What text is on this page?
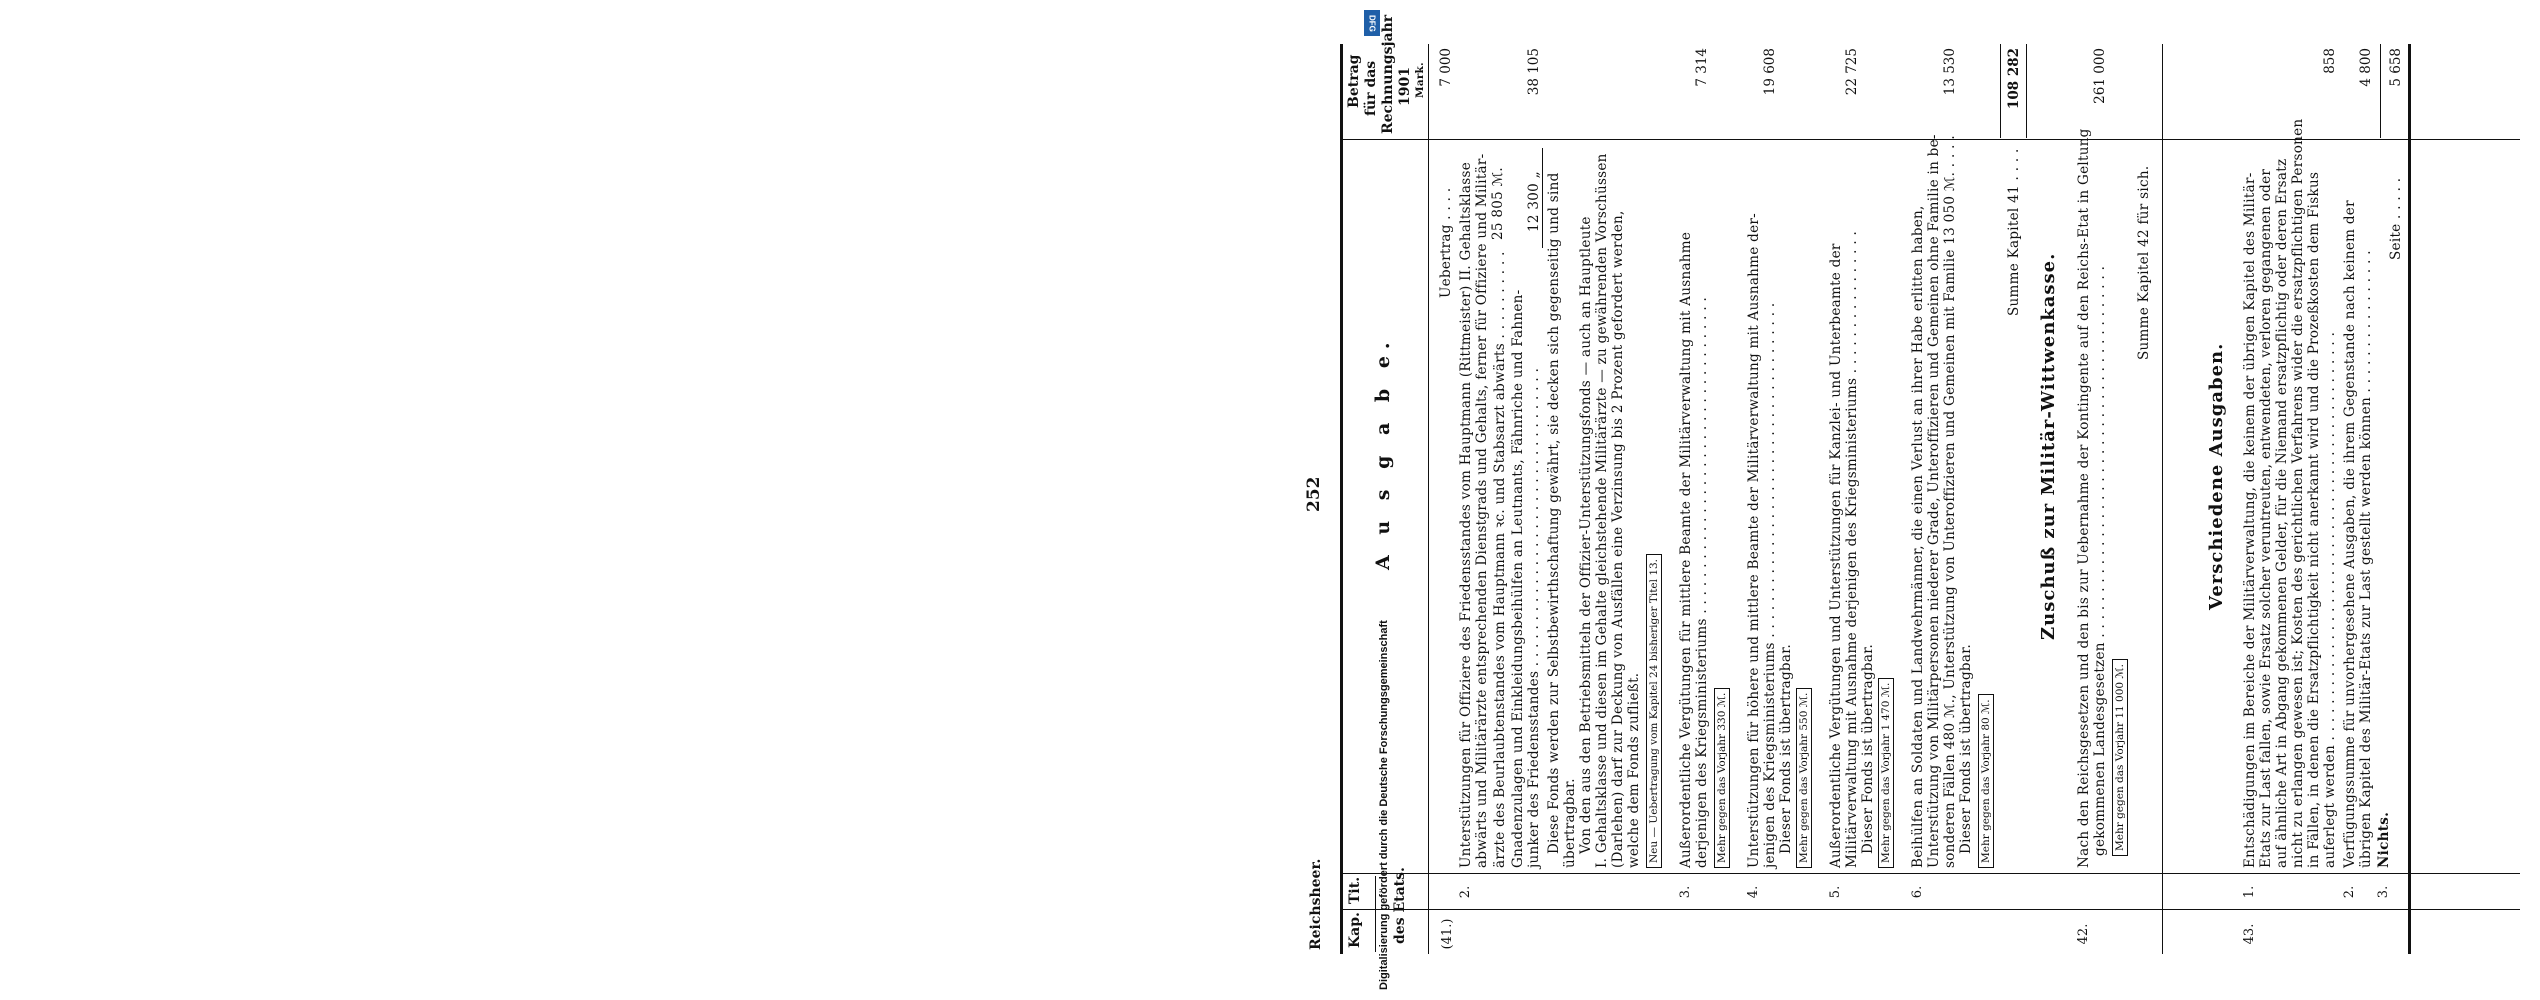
Reichsheer.
252
Kap.
Tit. des Etats.
A u s g a b e.
Betrag für das Rechnungsjahr 1901 Mark.
(41.)
Uebertrag . . . .
7 000
2.
Unterstützungen für Offiziere des Friedensstandes vom Hauptmann (Rittmeister) II. Gehaltsklasse abwärts und Militärärzte entsprechenden Dienstgrads und Gehalts, ferner für Offiziere und Militär- ärzte des Beurlaubtenstandes vom Hauptmann ꝛc. und Stabsarzt abwärts . . . . . . . . . .
25 805 ℳ.
Gnadenzulagen und Einkleidungsbeihülfen an Leutnants, Fähnriche und Fahnen- junker des Friedensstandes . . . . . . . . . . . . . . . . . . . . . . . . . . . . . . . . .
12 300 „
38 105
Diese Fonds werden zur Selbstbewirthschaftung gewährt, sie decken sich gegenseitig und sind übertragbar. Von den aus den Betriebsmitteln der Offizier-Unterstützungsfonds — auch an Hauptleute I. Gehaltsklasse und diesen im Gehalte gleichstehende Militärärzte — zu gewährenden Vorschüssen (Darlehen) darf zur Deckung von Ausfällen eine Verzinsung bis 2 Prozent gefordert werden, welche dem Fonds zufließt. Neu — Uebertragung vom Kapitel 24 bisheriger Titel 13.
3.
Außerordentliche Vergütungen für mittlere Beamte der Militärverwaltung mit Ausnahme derjenigen des Kriegsministeriums . . . . . . . . . . . . . . . . . . . . . . . . . . . . . . . . . . .
7 314
Mehr gegen das Vorjahr 330 ℳ.
4.
Unterstützungen für höhere und mittlere Beamte der Militärverwaltung mit Ausnahme der- jenigen des Kriegsministeriums . . . . . . . . . . . . . . . . . . . . . . . . . . . . . . . . . . . . .
19 608
Dieser Fonds ist übertragbar. Mehr gegen das Vorjahr 550 ℳ.
5.
Außerordentliche Vergütungen und Unterstützungen für Kanzlei- und Unterbeamte der Militärverwaltung mit Ausnahme derjenigen des Kriegsministeriums . . . . . . . . . . . . . . . .
22 725
Dieser Fonds ist übertragbar. Mehr gegen das Vorjahr 1 470 ℳ.
6.
Beihülfen an Soldaten und Landwehrmänner, die einen Verlust an ihrer Habe erlitten haben, Unterstützung von Militärpersonen niederer Grade, Unteroffizieren und Gemeinen ohne Familie in be- sonderen Fällen 480 ℳ., Unterstützung von Unteroffizieren und Gemeinen mit Familie 13 050 ℳ. . . . .
13 530
Dieser Fonds ist übertragbar. Mehr gegen das Vorjahr 80 ℳ.
Summe Kapitel 41 . . . .
108 282
42.
Zuschuß zur Militär-Wittwenkasse. Nach den Reichsgesetzen und den bis zur Uebernahme der Kontingente auf den Reichs-Etat in Geltung gekommenen Landesgesetzen . . . . . . . . . . . . . . . . . . . . . . . . . . . . . . . . . . . . . . . . .
261 000
Mehr gegen das Vorjahr 11 000 ℳ.
Summe Kapitel 42 für sich.
43.
Verschiedene Ausgaben.
1.
Entschädigungen im Bereiche der Militärverwaltung, die keinem der übrigen Kapitel des Militär- Etats zur Last fallen, sowie Ersatz solcher veruntreuten, entwendeten, verloren gegangenen oder auf ähnliche Art in Abgang gekommenen Gelder, für die Niemand ersatzpflichtig oder deren Ersatz nicht zu erlangen gewesen ist; Kosten des gerichtlichen Verfahrens wider die ersatzpflichtigen Personen in Fällen, in denen die Ersatzpflichtigkeit nicht anerkannt wird und die Prozeßkosten dem Fiskus auferlegt werden . . . . . . . . . . . . . . . . . . . . . . . . . . . . . . . . . . . . . . . . . . . . .
858
2.
Verfügungssumme für unvorhergesehene Ausgaben, die ihrem Gegenstande nach keinem der übrigen Kapitel des Militär-Etats zur Last gestellt werden können . . . . . . . . . . . . . . . .
4 800
3.
Nichts.
Seite . . . . .
5 658
DFG
Digitalisierung gefördert durch die Deutsche Forschungsgemeinschaft
